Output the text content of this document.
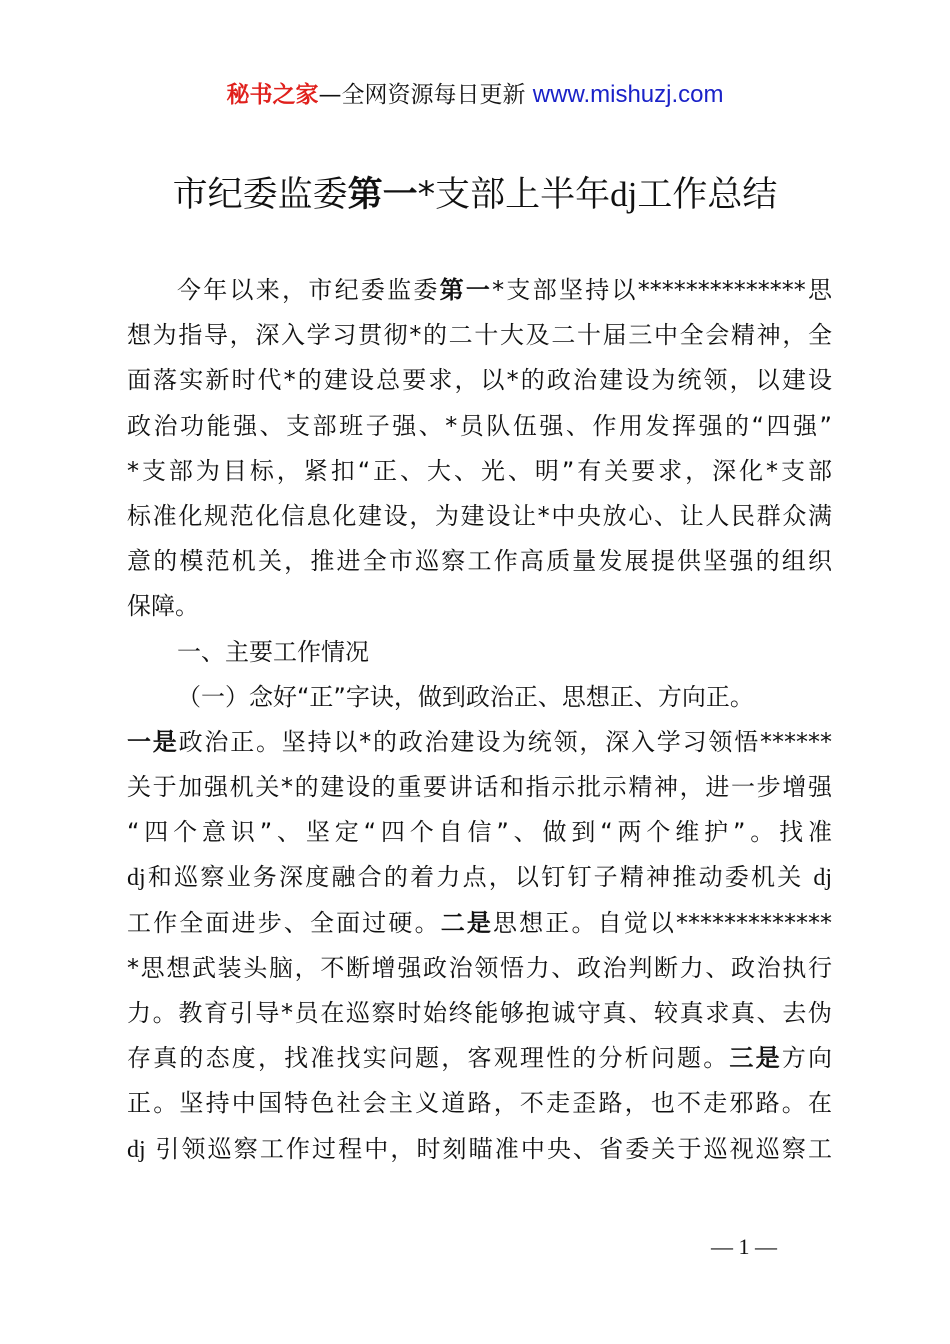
秘书之家—全网资源每日更新 www.mishuzj.com
市纪委监委第一*支部上半年dj工作总结
今年以来，市纪委监委第一*支部坚持以**************思
想为指导，深入学习贯彻*的二十大及二十届三中全会精神，全
面落实新时代*的建设总要求，以*的政治建设为统领，以建设
政治功能强、支部班子强、*员队伍强、作用发挥强的“四强”
*支部为目标，紧扣“正、大、光、明”有关要求，深化*支部
标准化规范化信息化建设，为建设让*中央放心、让人民群众满
意的模范机关，推进全市巡察工作高质量发展提供坚强的组织
保障。
一、主要工作情况
（一）念好“正”字诀，做到政治正、思想正、方向正。
一是政治正。坚持以*的政治建设为统领，深入学习领悟******
关于加强机关*的建设的重要讲话和指示批示精神，进一步增强
“四个意识”、坚定“四个自信”、做到“两个维护”。找准
dj和巡察业务深度融合的着力点，以钉钉子精神推动委机关 dj
工作全面进步、全面过硬。二是思想正。自觉以*************
*思想武装头脑，不断增强政治领悟力、政治判断力、政治执行
力。教育引导*员在巡察时始终能够抱诚守真、较真求真、去伪
存真的态度，找准找实问题，客观理性的分析问题。三是方向
正。坚持中国特色社会主义道路，不走歪路，也不走邪路。在
dj 引领巡察工作过程中，时刻瞄准中央、省委关于巡视巡察工
— 1 —
